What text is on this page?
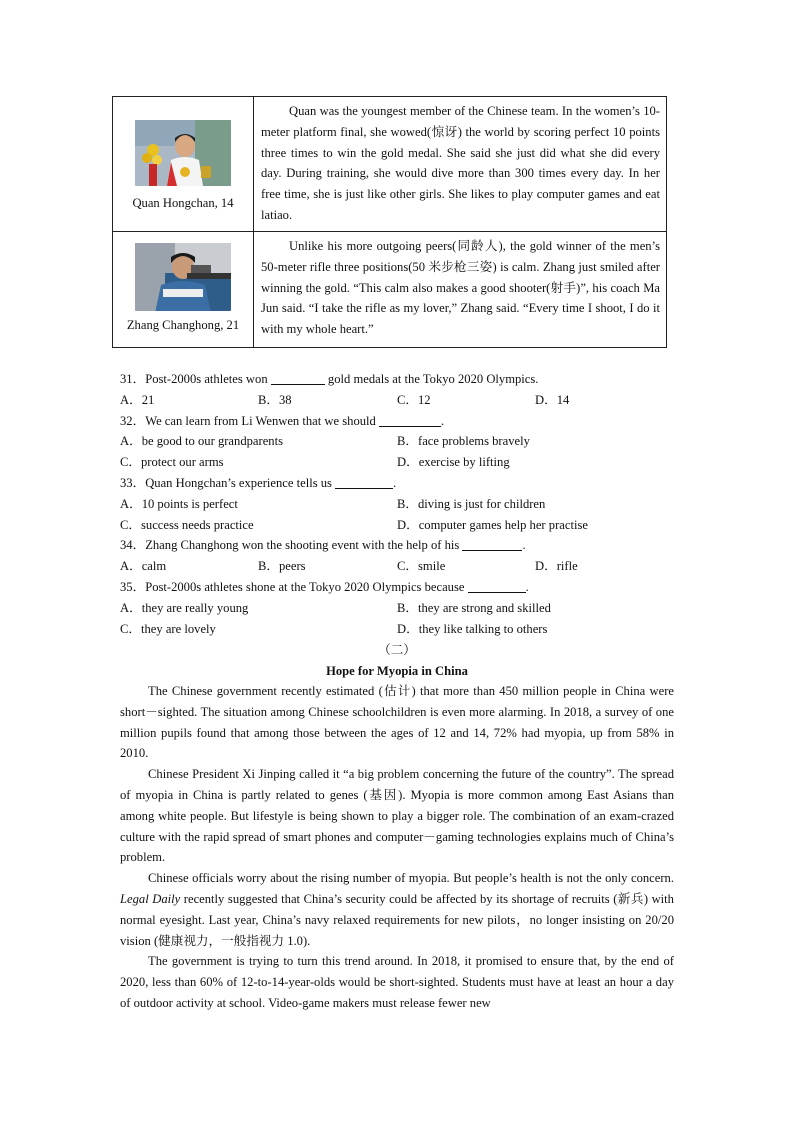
Quan Hongchan, 14	Quan was the youngest member of the Chinese team. In the women’s 10-meter platform final, she wowed(惊讶) the world by scoring perfect 10 points three times to win the gold medal. She said she just did what she did every day. During training, she would dive more than 300 times every day. In her free time, she is just like other girls. She likes to play computer games and eat latiao.

Zhang Changhong, 21	Unlike his more outgoing peers(同龄人), the gold winner of the men’s 50-meter rifle three positions(50 米步枪三姿) is calm. Zhang just smiled after winning the gold. “This calm also makes a good shooter(射手)”, his coach Ma Jun said. “I take the rifle as my lover,” Zhang said. “Every time I shoot, I do it with my whole heart.”

31．Post-2000s athletes won	gold medals at the Tokyo 2020 Olympics.
A．21	B．38	C．12	D．14
32．We can learn from Li Wenwen that we should	.
A．be good to our grandparents	B．face problems bravely
C．protect our arms	D．exercise by lifting
33．Quan Hongchan’s experience tells us	.
A．10 points is perfect	B．diving is just for children
C．success needs practice	D．computer games help her practise
34．Zhang Changhong won the shooting event with the help of his	.
A．calm	B．peers	C．smile	D．rifle
35．Post-2000s athletes shone at the Tokyo 2020 Olympics because	.
A．they are really young	B．they are strong and skilled
C．they are lovely	D．they like talking to others
（二）
Hope for Myopia in China

The Chinese government recently estimated (估计) that more than 450 million people in China were short－sighted. The situation among Chinese schoolchildren is even more alarming. In 2018, a survey of one million pupils found that among those between the ages of 12 and 14, 72% had myopia, up from 58% in 2010.

Chinese President Xi Jinping called it “a big problem concerning the future of the country”. The spread of myopia in China is partly related to genes (基因). Myopia is more common among East Asians than among white people. But lifestyle is being shown to play a bigger role. The combination of an exam-crazed culture with the rapid spread of smart phones and computer－gaming technologies explains much of China’s problem.

Chinese officials worry about the rising number of myopia. But people’s health is not the only concern. Legal Daily recently suggested that China’s security could be affected by its shortage of recruits (新兵) with normal eyesight. Last year, China’s navy relaxed requirements for new pilots，no longer insisting on 20/20 vision (健康视力，一般指视力 1.0).

The government is trying to turn this trend around. In 2018, it promised to ensure that, by the end of 2020, less than 60% of 12-to-14-year-olds would be short-sighted. Students must have at least an hour a day of outdoor activity at school. Video-game makers must release fewer new
